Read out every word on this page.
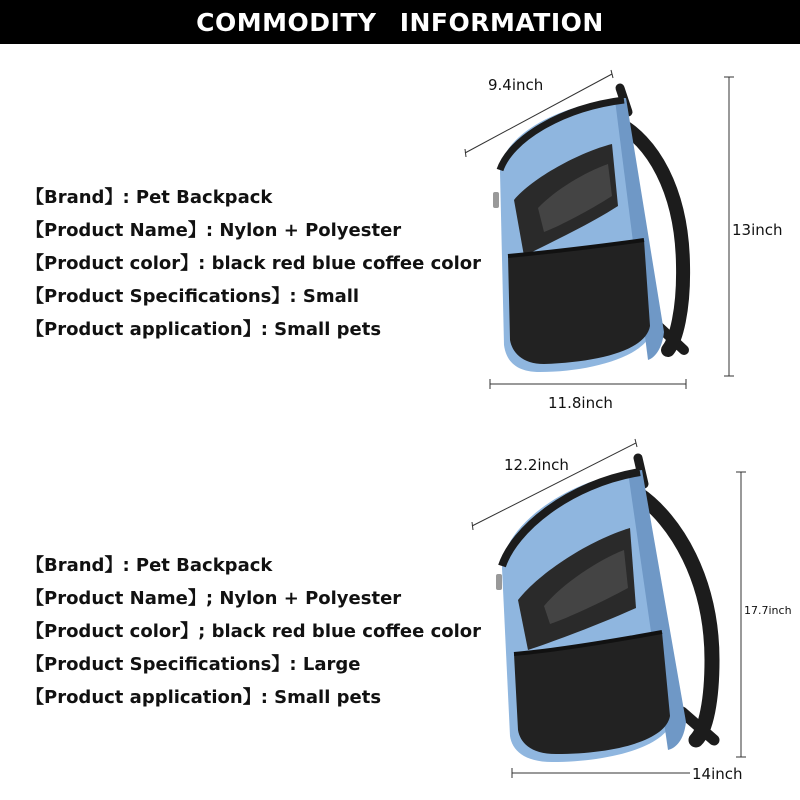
COMMODITY INFORMATION
【Brand】: Pet Backpack
【Product Name】: Nylon + Polyester
【Product color】: black red blue coffee color
【Product Specifications】: Small
【Product application】: Small pets
【Brand】: Pet Backpack
【Product Name】; Nylon + Polyester
【Product color】; black red blue coffee color
【Product Specifications】: Large
【Product application】: Small pets
9.4inch
13inch
11.8inch
12.2inch
17.7inch
14inch
